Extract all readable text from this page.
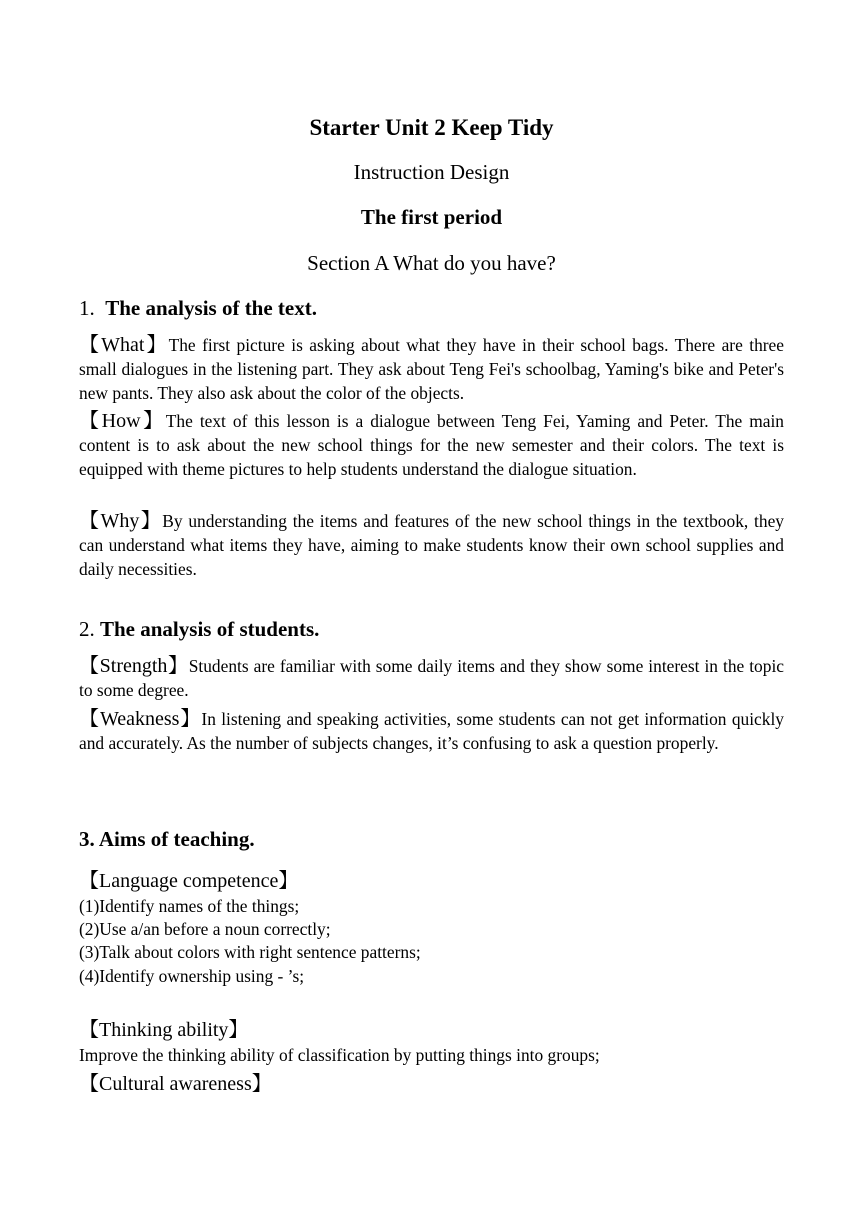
Starter Unit 2 Keep Tidy
Instruction Design
The first period
Section A What do you have?
1. The analysis of the text.
【What】The first picture is asking about what they have in their school bags. There are three small dialogues in the listening part. They ask about Teng Fei's schoolbag, Yaming's bike and Peter's new pants. They also ask about the color of the objects.
【How】The text of this lesson is a dialogue between Teng Fei, Yaming and Peter. The main content is to ask about the new school things for the new semester and their colors. The text is equipped with theme pictures to help students understand the dialogue situation.
【Why】By understanding the items and features of the new school things in the textbook, they can understand what items they have, aiming to make students know their own school supplies and daily necessities.
2. The analysis of students.
【Strength】Students are familiar with some daily items and they show some interest in the topic to some degree.
【Weakness】In listening and speaking activities, some students can not get information quickly and accurately. As the number of subjects changes, it’s confusing to ask a question properly.
3. Aims of teaching.
【Language competence】
(1)Identify names of the things;
(2)Use a/an before a noun correctly;
(3)Talk about colors with right sentence patterns;
(4)Identify ownership using - ’s;
【Thinking ability】
Improve the thinking ability of classification by putting things into groups;
【Cultural awareness】
